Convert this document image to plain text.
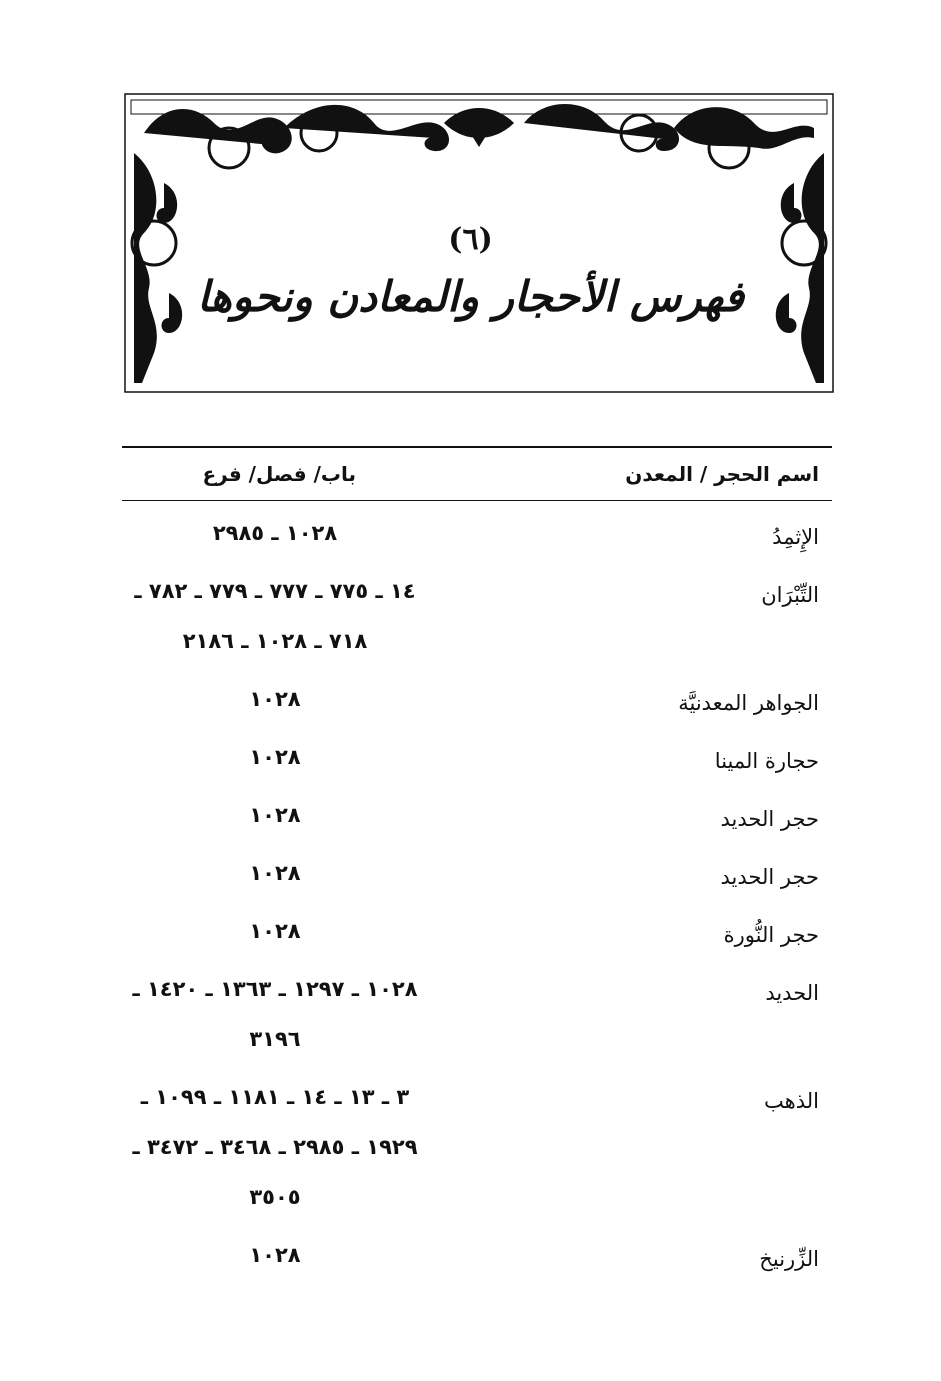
(٦)
فهرس الأحجار والمعادن ونحوها
اسم الحجر / المعدن
باب/ فصل/ فرع
الإِثمِدُ
١٠٢٨ ـ ٢٩٨٥
التِّبْرَان
١٤ ـ ٧٧٥ ـ ٧٧٧ ـ ٧٧٩ ـ ٧٨٢ ـ
٧١٨ ـ ١٠٢٨ ـ ٢١٨٦
الجواهر المعدنيَّة
١٠٢٨
حجارة المينا
١٠٢٨
حجر الحديد
١٠٢٨
حجر الحديد
١٠٢٨
حجر النُّورة
١٠٢٨
الحديد
١٠٢٨ ـ ١٢٩٧ ـ ١٣٦٣ ـ ١٤٢٠ ـ
٣١٩٦
الذهب
٣ ـ ١٣ ـ ١٤ ـ ١١٨١ ـ ١٠٩٩ ـ
١٩٢٩ ـ ٢٩٨٥ ـ ٣٤٦٨ ـ ٣٤٧٢ ـ
٣٥٠٥
الزِّرنيخ
١٠٢٨
